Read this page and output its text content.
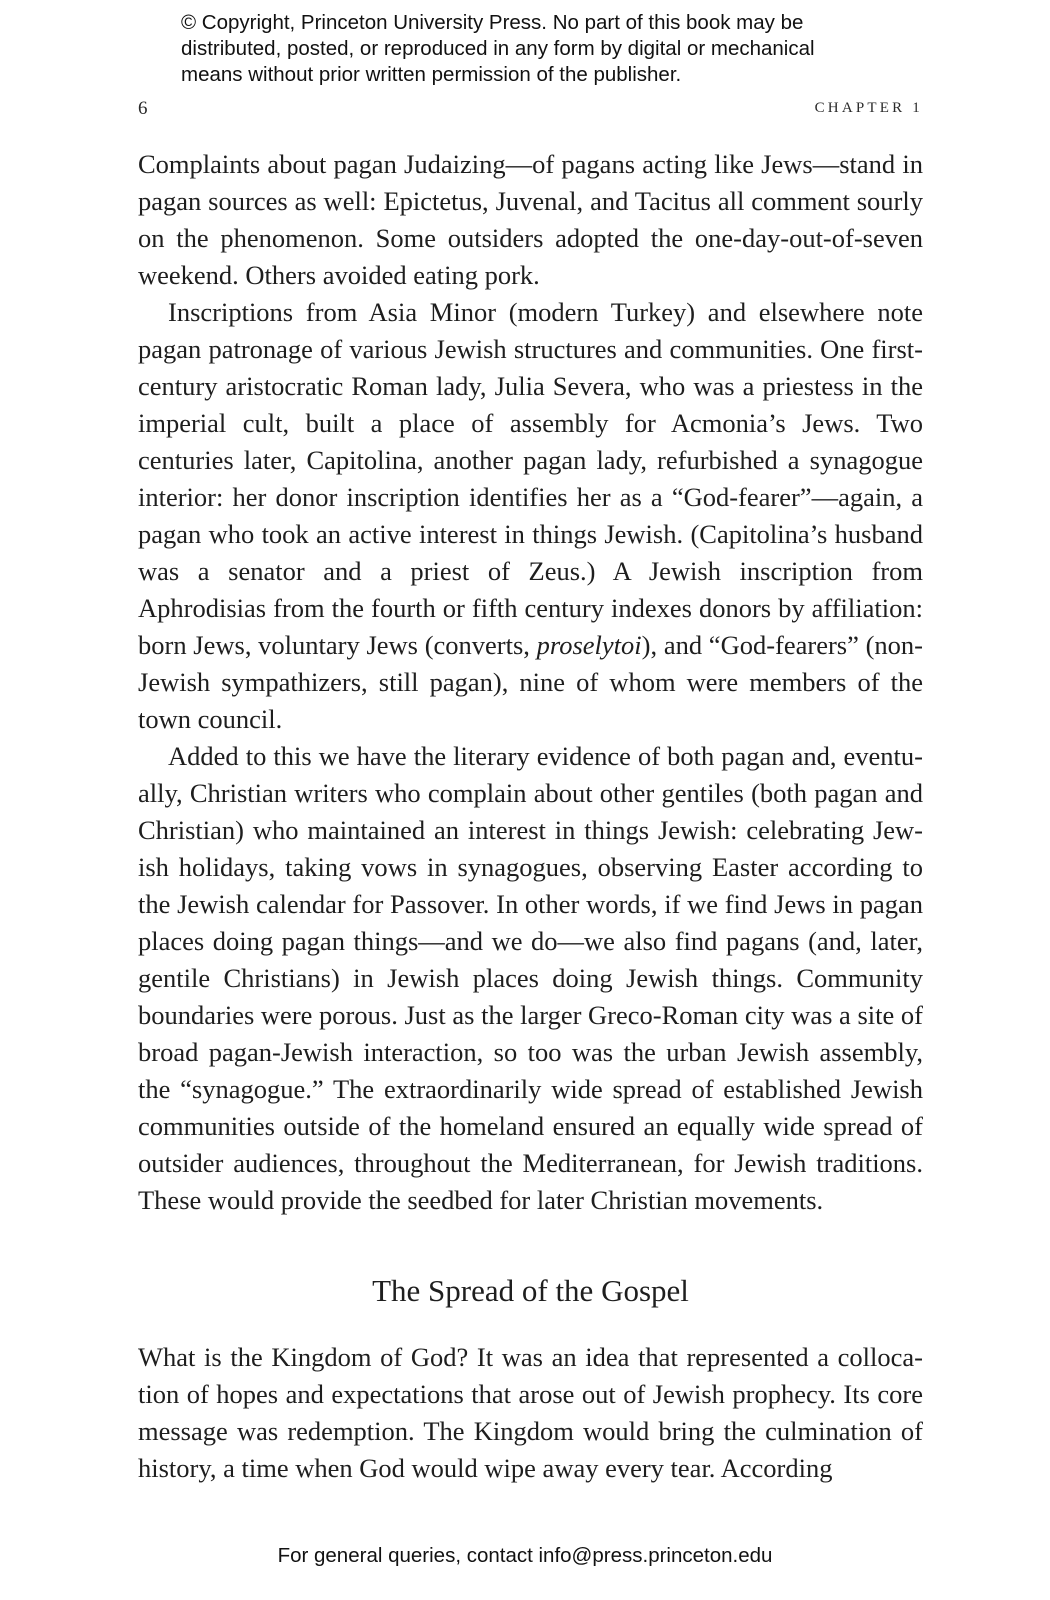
© Copyright, Princeton University Press. No part of this book may be
distributed, posted, or reproduced in any form by digital or mechanical
means without prior written permission of the publisher.
6	CHAPTER 1

Complaints about pagan Judaizing—of pagans acting like Jews—stand in pagan sources as well: Epictetus, Juvenal, and Tacitus all comment sourly on the phenomenon. Some outsiders adopted the one-day-out-of-seven weekend. Others avoided eating pork.

Inscriptions from Asia Minor (modern Turkey) and elsewhere note pagan patronage of various Jewish structures and communities. One first-century aristocratic Roman lady, Julia Severa, who was a priestess in the imperial cult, built a place of assembly for Acmonia’s Jews. Two centuries later, Capitolina, another pagan lady, refurbished a synagogue interior: her donor inscription identifies her as a “God-fearer”—again, a pagan who took an active interest in things Jewish. (Capitolina’s husband was a senator and a priest of Zeus.) A Jewish inscription from Aphrodisias from the fourth or fifth century indexes donors by affiliation: born Jews, voluntary Jews (converts, proselytoi), and “God-fearers” (non-Jewish sympathizers, still pagan), nine of whom were members of the town council.

Added to this we have the literary evidence of both pagan and, eventually, Christian writers who complain about other gentiles (both pagan and Christian) who maintained an interest in things Jewish: celebrating Jewish holidays, taking vows in synagogues, observing Easter according to the Jewish calendar for Passover. In other words, if we find Jews in pagan places doing pagan things—and we do—we also find pagans (and, later, gentile Christians) in Jewish places doing Jewish things. Community boundaries were porous. Just as the larger Greco-Roman city was a site of broad pagan-Jewish interaction, so too was the urban Jewish assembly, the “synagogue.” The extraordinarily wide spread of established Jewish communities outside of the homeland ensured an equally wide spread of outsider audiences, throughout the Mediterranean, for Jewish traditions. These would provide the seedbed for later Christian movements.

The Spread of the Gospel

What is the Kingdom of God? It was an idea that represented a collocation of hopes and expectations that arose out of Jewish prophecy. Its core message was redemption. The Kingdom would bring the culmination of history, a time when God would wipe away every tear. According

For general queries, contact info@press.princeton.edu
